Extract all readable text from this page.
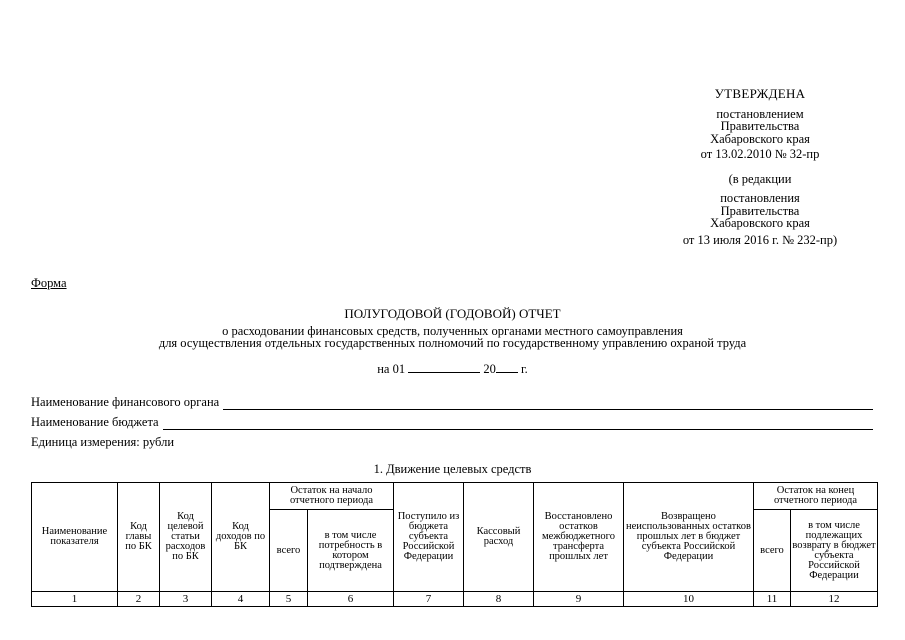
УТВЕРЖДЕНА
постановлением
Правительства
Хабаровского края
от 13.02.2010 № 32-пр
(в редакции
постановления
Правительства
Хабаровского края
от 13 июля 2016 г. № 232-пр)
Форма
ПОЛУГОДОВОЙ (ГОДОВОЙ) ОТЧЕТ
о расходовании финансовых средств, полученных органами местного самоуправления
для осуществления отдельных государственных полномочий по государственному управлению охраной труда
на 01	20 г.
Наименование финансового органа
Наименование бюджета
Единица измерения: рубли
1. Движение целевых средств
Наименование показателя	Код главы по БК	Код целевой статьи расходов по БК	Код доходов по БК	Остаток на начало отчетного периода		Поступило из бюджета субъекта Российской Федерации	Кассовый расход	Восстановлено остатков межбюджетного трансферта прошлых лет	Возвращено неиспользованных остатков прошлых лет в бюджет субъекта Российской Федерации	Остаток на конец отчетного периода	
				всего	в том числе потребность в котором подтверждена					всего	в том числе подлежащих возврату в бюджет субъекта Российской Федерации
1	2	3	4	5	6	7	8	9	10	11	12
